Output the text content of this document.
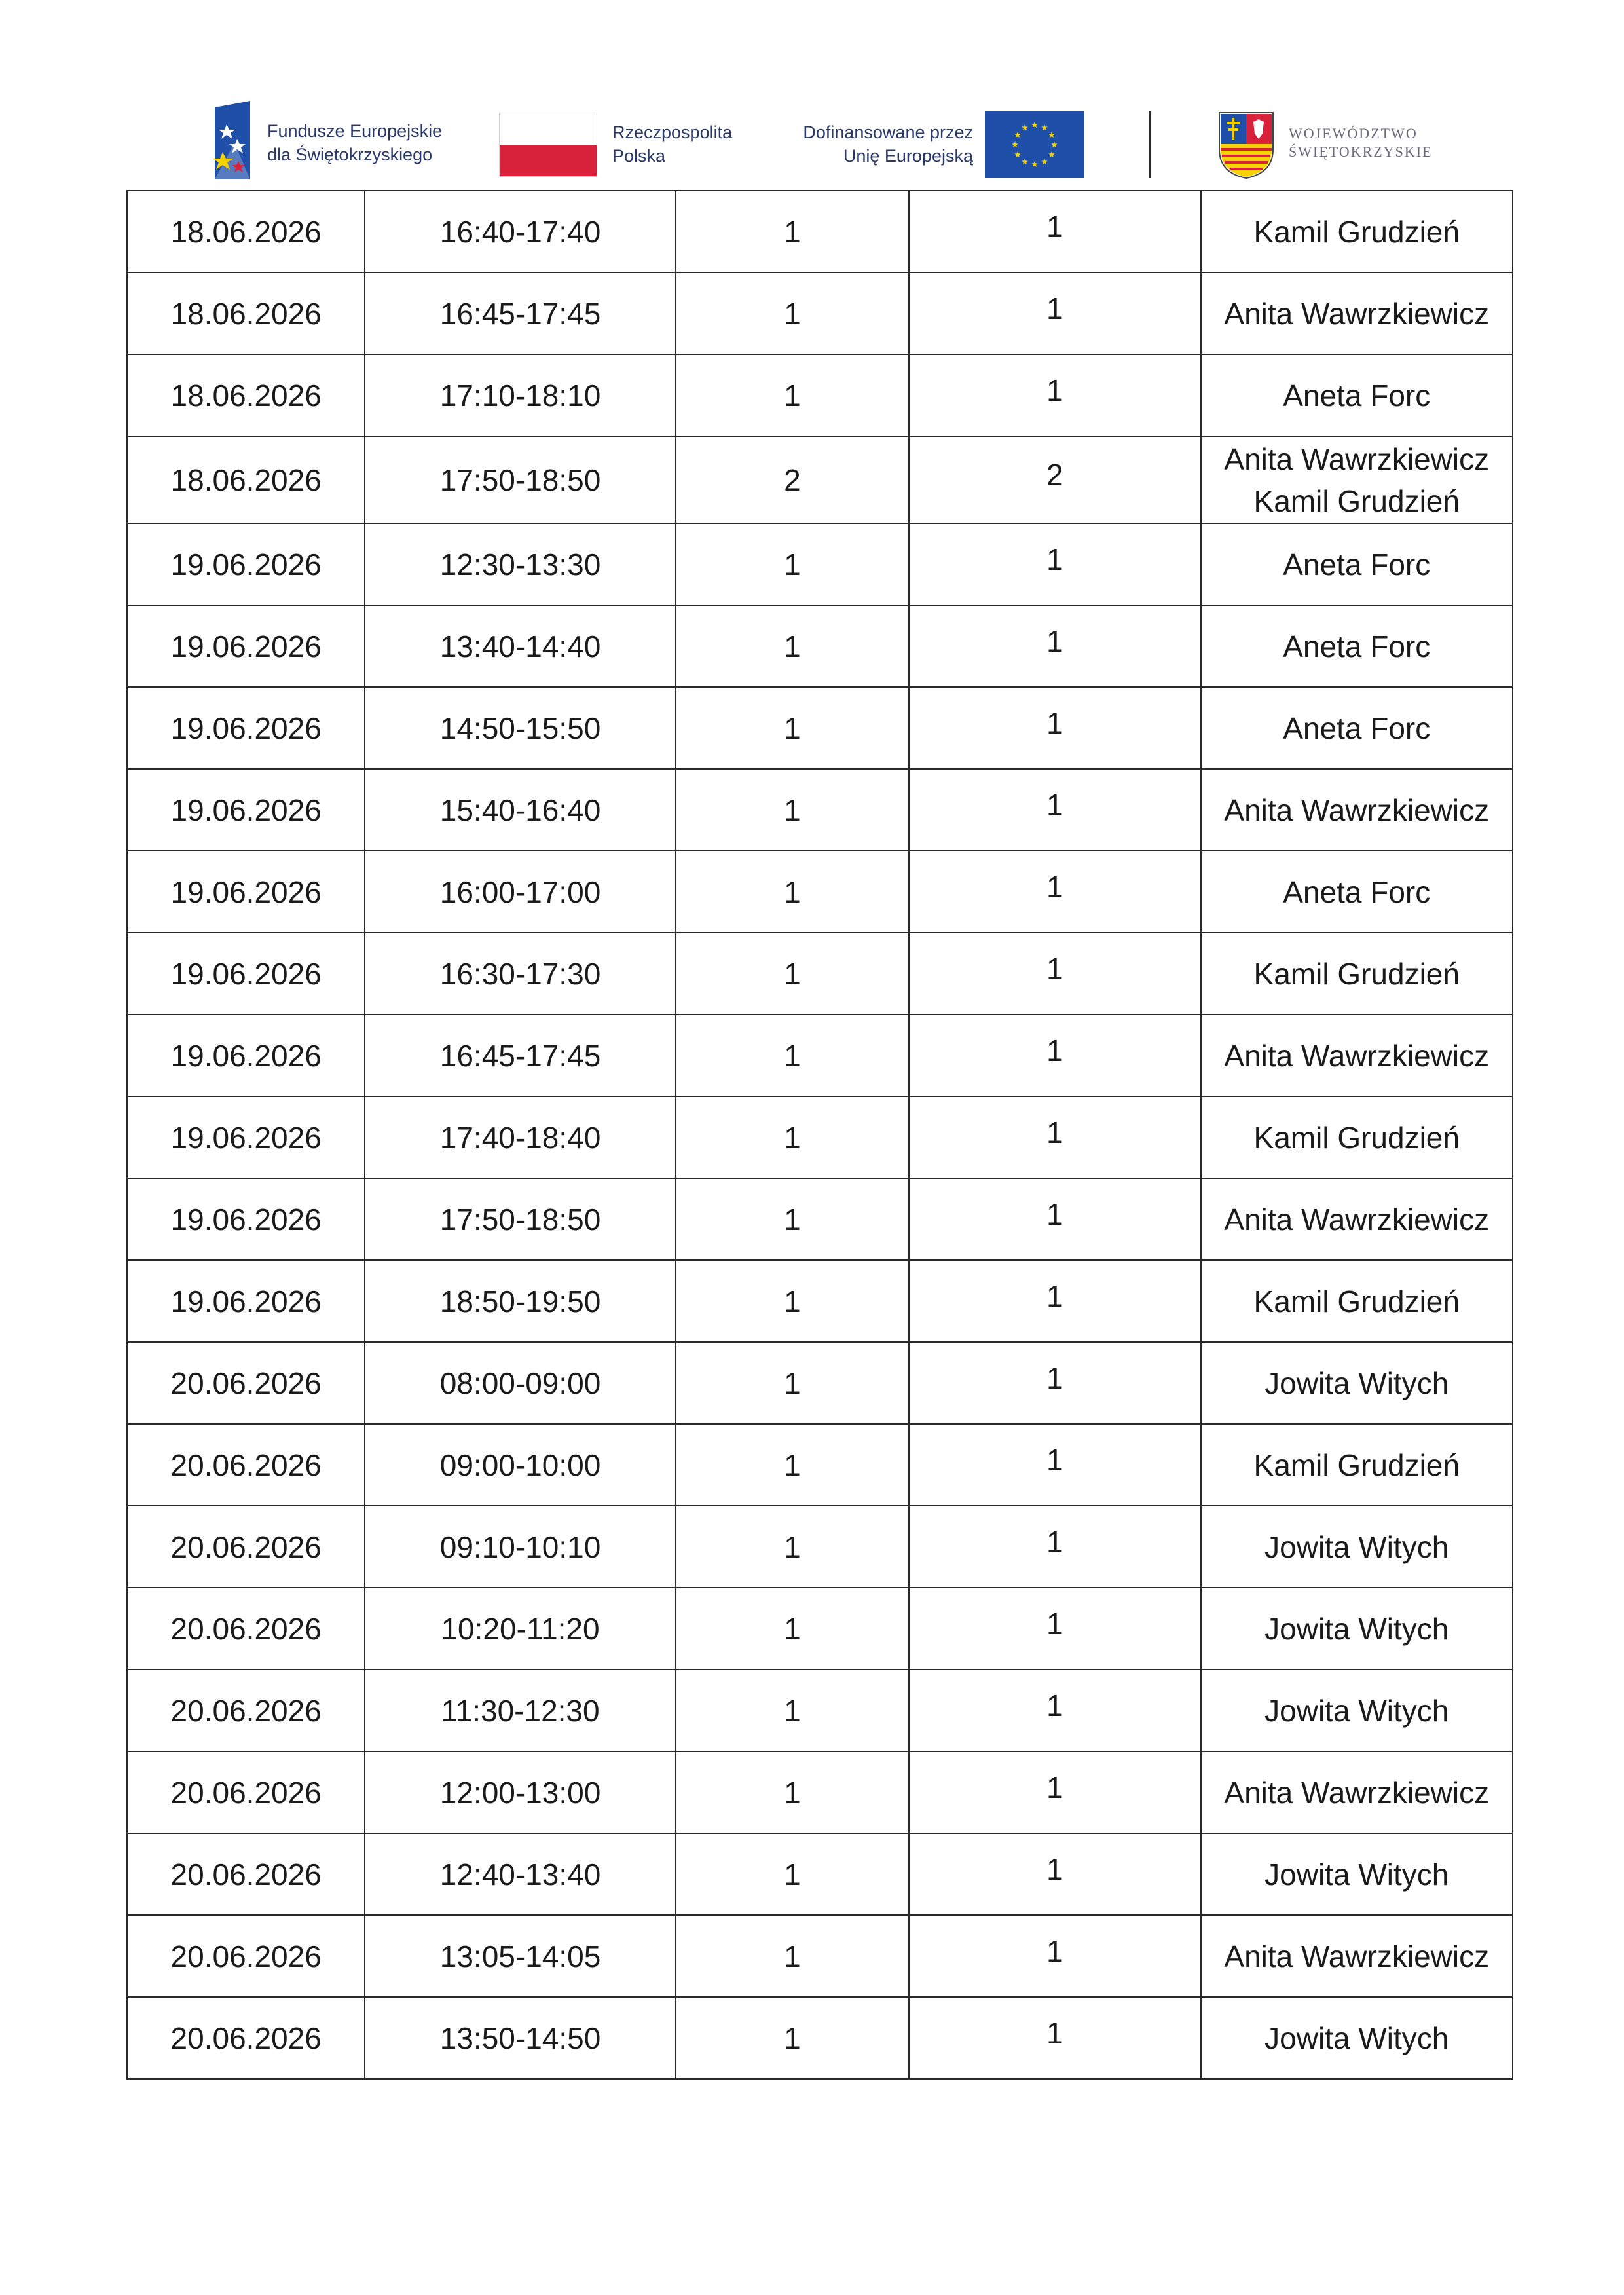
Fundusze Europejskie
dla Świętokrzyskiego
Rzeczpospolita
Polska
Dofinansowane przez
Unię Europejską
WOJEWÓDZTWO
ŚWIĘTOKRZYSKIE
18.06.2026	16:40-17:40	1	1	Kamil Grudzień

18.06.2026	16:45-17:45	1	1	Anita Wawrzkiewicz

18.06.2026	17:10-18:10	1	1	Aneta Forc

18.06.2026	17:50-18:50	2	2	Anita Wawrzkiewicz
Kamil Grudzień

19.06.2026	12:30-13:30	1	1	Aneta Forc

19.06.2026	13:40-14:40	1	1	Aneta Forc

19.06.2026	14:50-15:50	1	1	Aneta Forc

19.06.2026	15:40-16:40	1	1	Anita Wawrzkiewicz

19.06.2026	16:00-17:00	1	1	Aneta Forc

19.06.2026	16:30-17:30	1	1	Kamil Grudzień

19.06.2026	16:45-17:45	1	1	Anita Wawrzkiewicz

19.06.2026	17:40-18:40	1	1	Kamil Grudzień

19.06.2026	17:50-18:50	1	1	Anita Wawrzkiewicz

19.06.2026	18:50-19:50	1	1	Kamil Grudzień

20.06.2026	08:00-09:00	1	1	Jowita Witych

20.06.2026	09:00-10:00	1	1	Kamil Grudzień

20.06.2026	09:10-10:10	1	1	Jowita Witych

20.06.2026	10:20-11:20	1	1	Jowita Witych

20.06.2026	11:30-12:30	1	1	Jowita Witych

20.06.2026	12:00-13:00	1	1	Anita Wawrzkiewicz

20.06.2026	12:40-13:40	1	1	Jowita Witych

20.06.2026	13:05-14:05	1	1	Anita Wawrzkiewicz

20.06.2026	13:50-14:50	1	1	Jowita Witych
